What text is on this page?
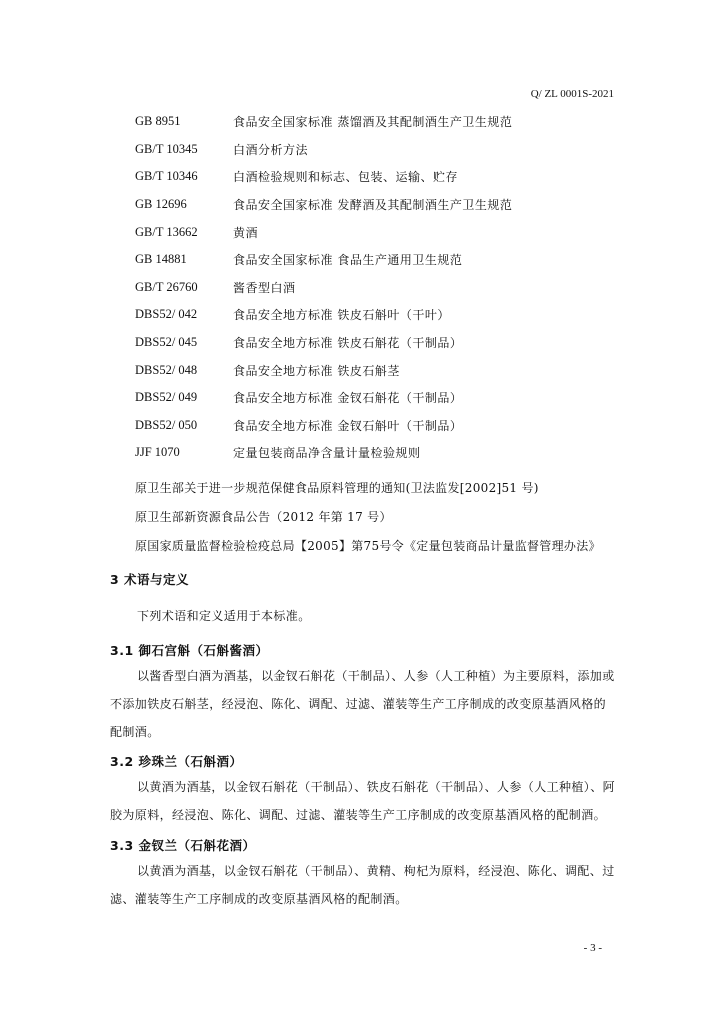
Q/ ZL 0001S-2021
GB 8951	食品安全国家标准 蒸馏酒及其配制酒生产卫生规范
GB/T 10345	白酒分析方法
GB/T 10346	白酒检验规则和标志、包装、运输、贮存
GB 12696	食品安全国家标准 发酵酒及其配制酒生产卫生规范
GB/T 13662	黄酒
GB 14881	食品安全国家标准 食品生产通用卫生规范
GB/T 26760	酱香型白酒
DBS52/ 042	食品安全地方标准 铁皮石斛叶（干叶）
DBS52/ 045	食品安全地方标准 铁皮石斛花（干制品）
DBS52/ 048	食品安全地方标准 铁皮石斛茎
DBS52/ 049	食品安全地方标准 金钗石斛花（干制品）
DBS52/ 050	食品安全地方标准 金钗石斛叶（干制品）
JJF 1070	定量包装商品净含量计量检验规则
原卫生部关于进一步规范保健食品原料管理的通知(卫法监发[2002]51 号)
原卫生部新资源食品公告（2012 年第 17 号）
原国家质量监督检验检疫总局【2005】第75号令《定量包装商品计量监督管理办法》
3 术语与定义

下列术语和定义适用于本标准。

3.1 御石宫斛（石斛酱酒）

以酱香型白酒为酒基，以金钗石斛花（干制品）、人参（人工种植）为主要原料，添加或不添加铁皮石斛茎，经浸泡、陈化、调配、过滤、灌装等生产工序制成的改变原基酒风格的配制酒。

3.2 珍珠兰（石斛酒）

以黄酒为酒基，以金钗石斛花（干制品）、铁皮石斛花（干制品）、人参（人工种植）、阿胶为原料，经浸泡、陈化、调配、过滤、灌装等生产工序制成的改变原基酒风格的配制酒。

3.3 金钗兰（石斛花酒）

以黄酒为酒基，以金钗石斛花（干制品）、黄精、枸杞为原料，经浸泡、陈化、调配、过滤、灌装等生产工序制成的改变原基酒风格的配制酒。

- 3 -
